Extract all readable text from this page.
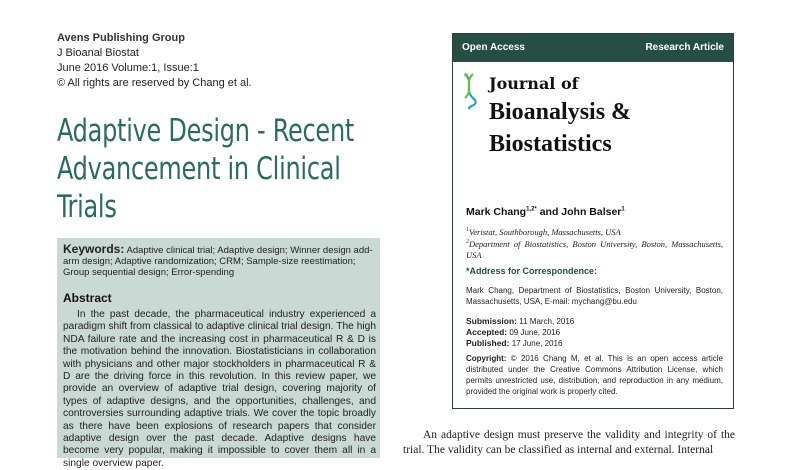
Avens Publishing Group
J Bioanal Biostat
June 2016 Volume:1, Issue:1
© All rights are reserved by Chang et al.
Adaptive Design - Recent Advancement in Clinical Trials
Keywords: Adaptive clinical trial; Adaptive design; Winner design add-arm design; Adaptive randomization; CRM; Sample-size reestimation; Group sequential design; Error-spending
Abstract
In the past decade, the pharmaceutical industry experienced a paradigm shift from classical to adaptive clinical trial design. The high NDA failure rate and the increasing cost in pharmaceutical R & D is the motivation behind the innovation. Biostatisticians in collaboration with physicians and other major stockholders in pharmaceutical R & D are the driving force in this revolution. In this review paper, we provide an overview of adaptive trial design, covering majority of types of adaptive designs, and the opportunities, challenges, and controversies surrounding adaptive trials. We cover the topic broadly as there have been explosions of research papers that consider adaptive design over the past decade. Adaptive designs have become very popular, making it impossible to cover them all in a single overview paper.
Open Access	Research Article
Journal of
Bioanalysis &
Biostatistics
Mark Chang$^{1,2*}$ and John Balser$^1$
$^1$Veristat, Southborough, Massachusetts, USA
$^2$Department of Biostatistics, Boston University, Boston, Massachusetts, USA
*Address for Correspondence:
Mark Chang, Department of Biostatistics, Boston University, Boston, Massachusetts, USA, E-mail: mychang@bu.edu
Submission: 11 March, 2016
Accepted: 09 June, 2016
Published: 17 June, 2016
Copyright: © 2016 Chang M, et al. This is an open access article distributed under the Creative Commons Attribution License, which permits unrestricted use, distribution, and reproduction in any medium, provided the original work is properly cited.
An adaptive design must preserve the validity and integrity of the trial. The validity can be classified as internal and external. Internal
